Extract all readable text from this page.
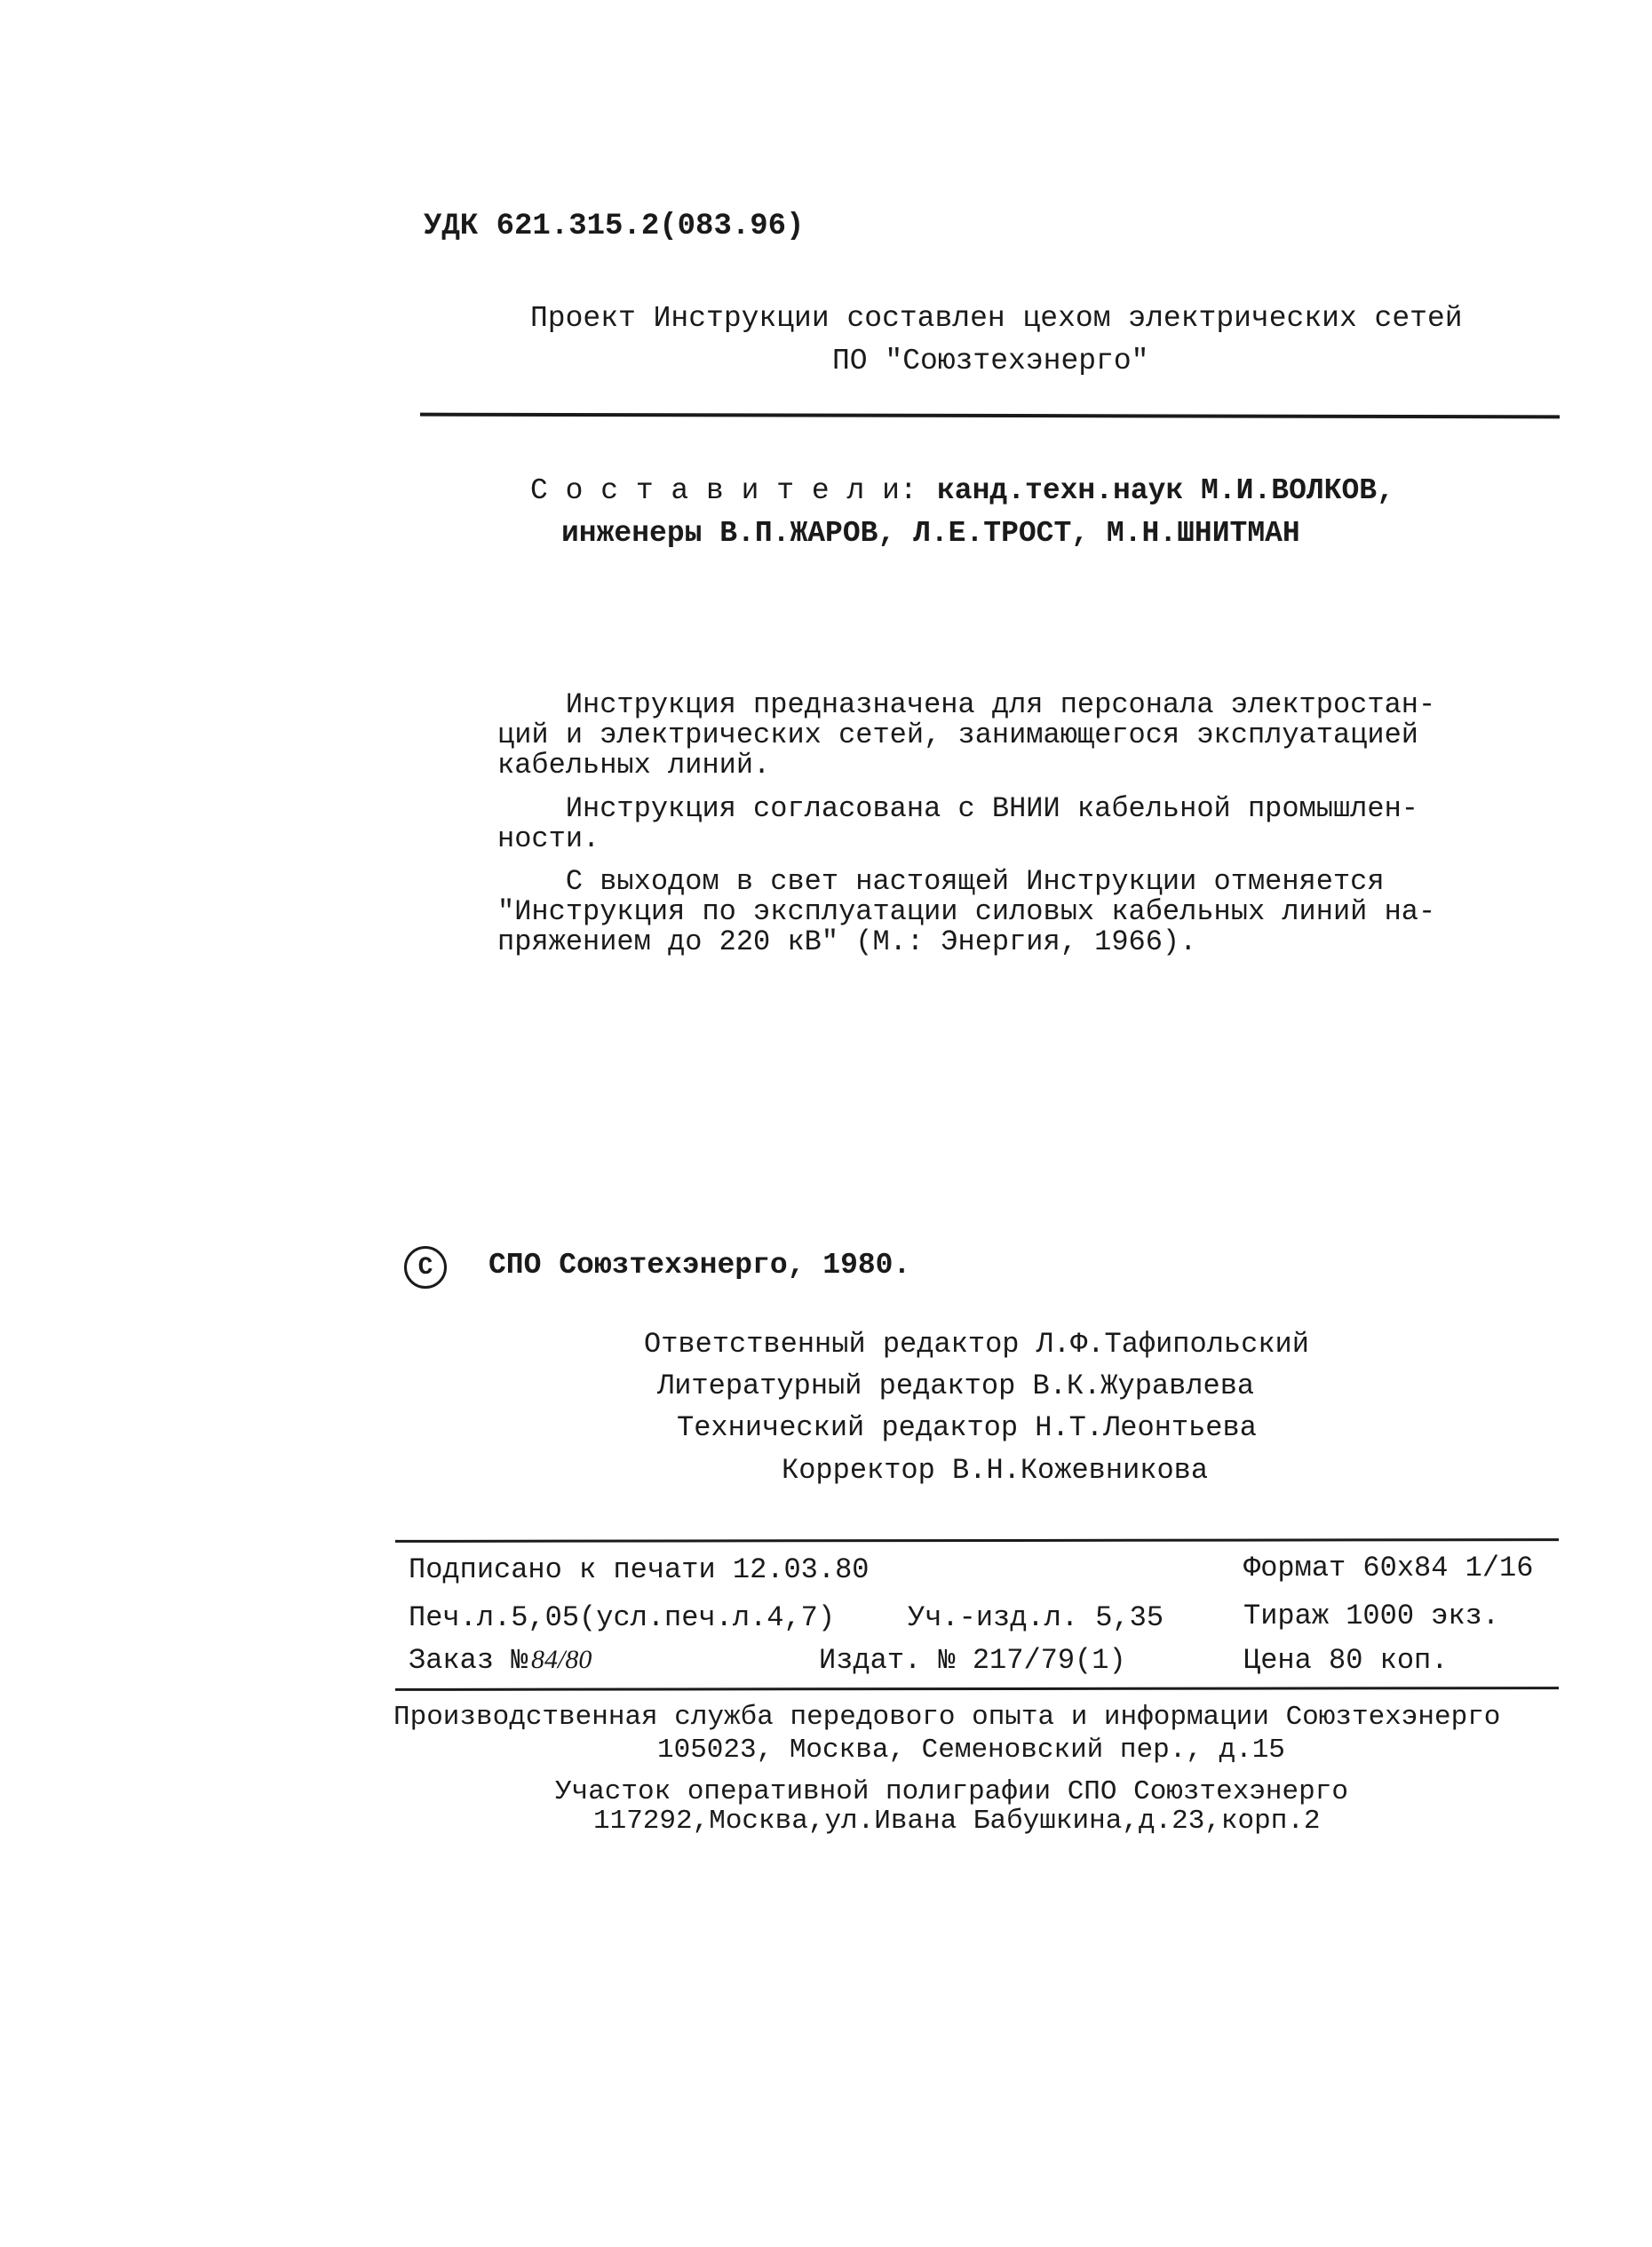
УДК 621.315.2(083.96)
Проект Инструкции составлен цехом электрических сетей
ПО "Союзтехэнерго"
С о с т а в и т е л и: канд.техн.наук М.И.ВОЛКОВ,
инженеры В.П.ЖАРОВ, Л.Е.ТРОСТ, М.Н.ШНИТМАН
Инструкция предназначена для персонала электростан-
ций и электрических сетей, занимающегося эксплуатацией
кабельных линий.
Инструкция согласована с ВНИИ кабельной промышлен-
ности.
С выходом в свет настоящей Инструкции отменяется
"Инструкция по эксплуатации силовых кабельных линий на-
пряжением до 220 кВ" (М.: Энергия, 1966).
С СПО Союзтехэнерго, 1980.
Ответственный редактор Л.Ф.Тафипольский
Литературный редактор В.К.Журавлева
Технический редактор Н.Т.Леонтьева
Корректор В.Н.Кожевникова
Подписано к печати 12.03.80	Формат 60х84 1/16
Печ.л.5,05(усл.печ.л.4,7)	Уч.-изд.л. 5,35	Тираж 1000 экз.
Заказ № 84/80	Издат. № 217/79(1)	Цена 80 коп.
Производственная служба передового опыта и информации Союзтехэнерго
105023, Москва, Семеновский пер., д.15
Участок оперативной полиграфии СПО Союзтехэнерго
117292,Москва,ул.Ивана Бабушкина,д.23,корп.2
